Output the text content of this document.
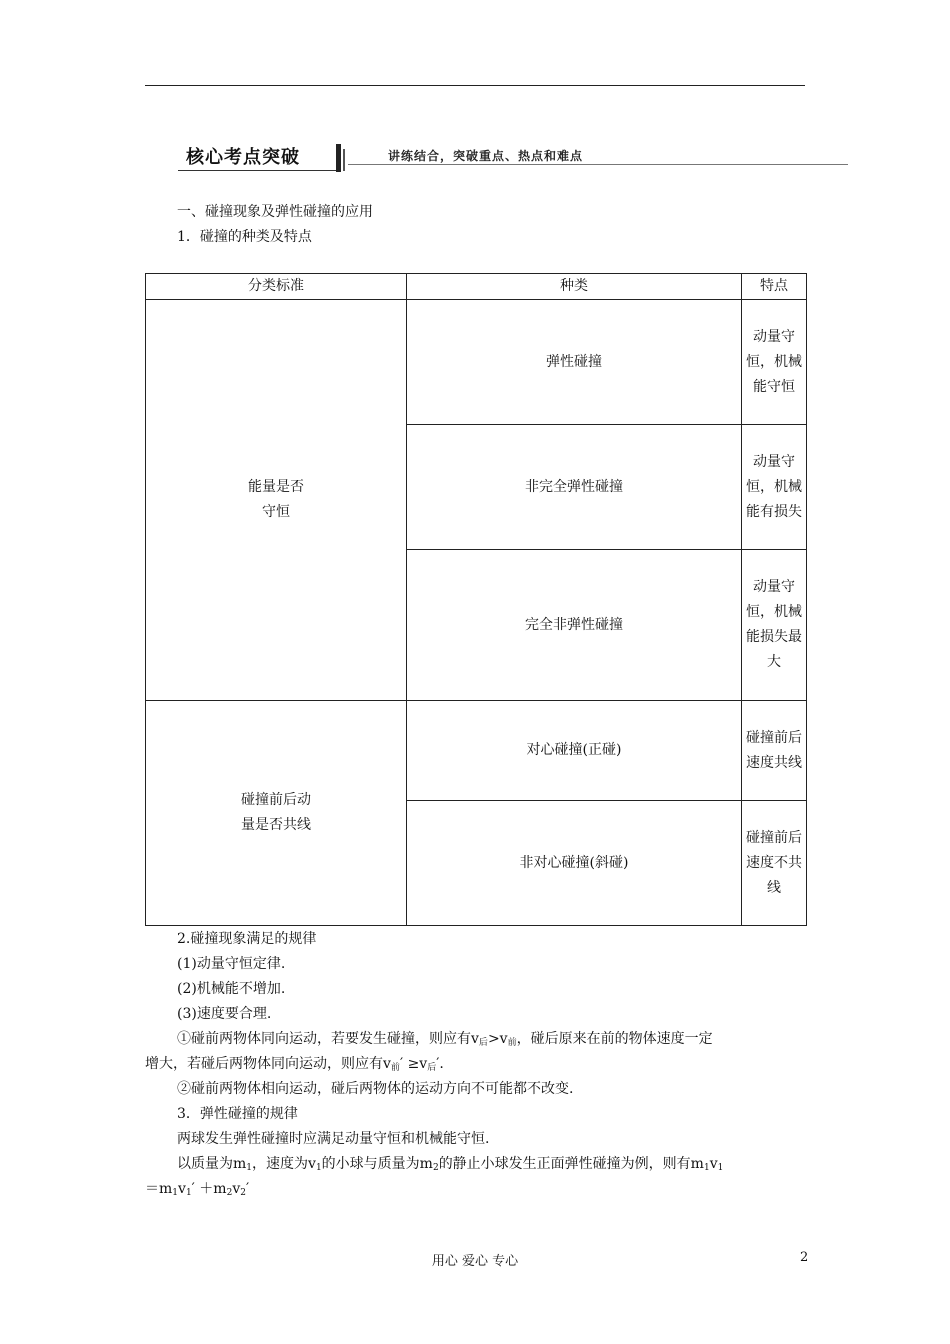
核心考点突破	讲练结合，突破重点、热点和难点
一、碰撞现象及弹性碰撞的应用
1．碰撞的种类及特点
分类标准	种类	特点
能量是否守恒	弹性碰撞	动量守恒，机械能守恒
	非完全弹性碰撞	动量守恒，机械能有损失
	完全非弹性碰撞	动量守恒，机械能损失最大
碰撞前后动量是否共线	对心碰撞(正碰)	碰撞前后速度共线
	非对心碰撞(斜碰)	碰撞前后速度不共线
2.碰撞现象满足的规律
(1)动量守恒定律.
(2)机械能不增加.
(3)速度要合理.
①碰前两物体同向运动，若要发生碰撞，则应有$v_后>v_前$，碰后原来在前的物体速度一定
增大，若碰后两物体同向运动，则应有$v_前' \ge v_后'$.
②碰前两物体相向运动，碰后两物体的运动方向不可能都不改变.
3．弹性碰撞的规律
两球发生弹性碰撞时应满足动量守恒和机械能守恒.
以质量为$m_1$，速度为$v_1$的小球与质量为$m_2$的静止小球发生正面弹性碰撞为例，则有$m_1v_1$
$=m_1v_1' +m_2v_2'$
用心 爱心 专心	2
